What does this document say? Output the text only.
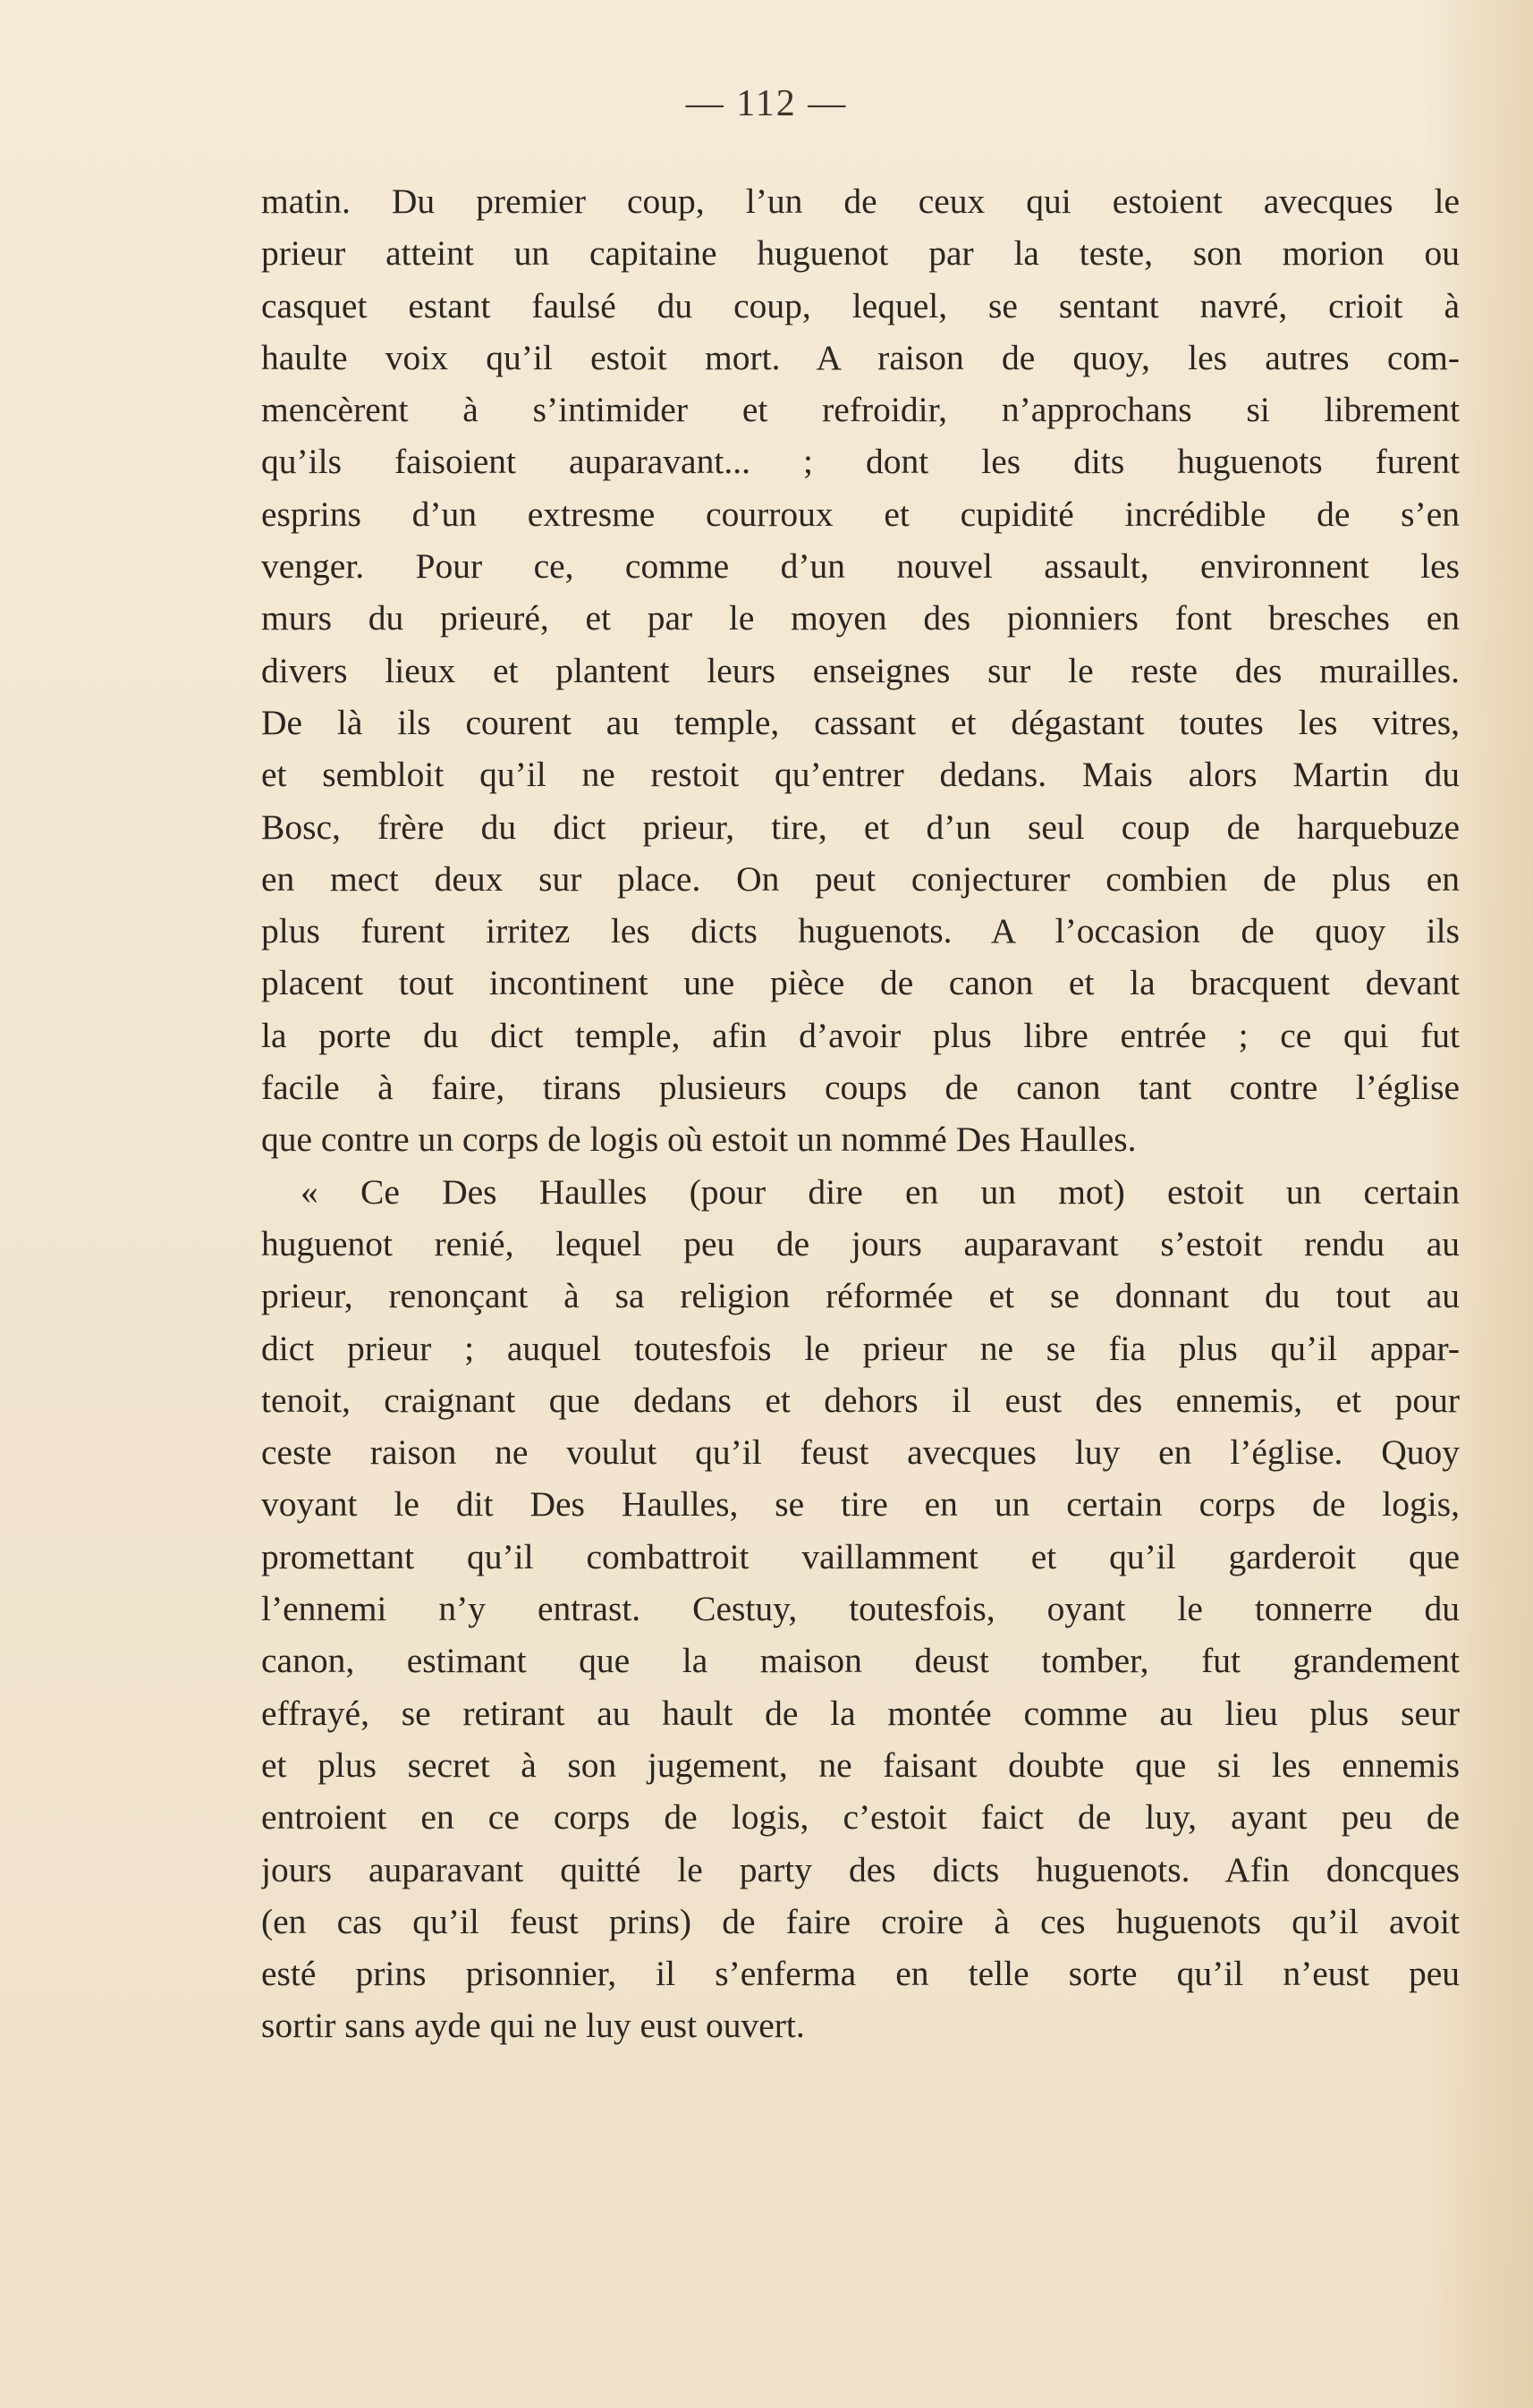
— 112 —
matin. Du premier coup, l’un de ceux qui estoient avecques le
prieur atteint un capitaine huguenot par la teste, son morion ou
casquet estant faulsé du coup, lequel, se sentant navré, crioit à
haulte voix qu’il estoit mort. A raison de quoy, les autres com-
mencèrent à s’intimider et refroidir, n’approchans si librement
qu’ils faisoient auparavant... ; dont les dits huguenots furent
esprins d’un extresme courroux et cupidité incrédible de s’en
venger. Pour ce, comme d’un nouvel assault, environnent les
murs du prieuré, et par le moyen des pionniers font bresches en
divers lieux et plantent leurs enseignes sur le reste des murailles.
De là ils courent au temple, cassant et dégastant toutes les vitres,
et sembloit qu’il ne restoit qu’entrer dedans. Mais alors Martin du
Bosc, frère du dict prieur, tire, et d’un seul coup de harquebuze
en mect deux sur place. On peut conjecturer combien de plus en
plus furent irritez les dicts huguenots. A l’occasion de quoy ils
placent tout incontinent une pièce de canon et la bracquent devant
la porte du dict temple, afin d’avoir plus libre entrée ; ce qui fut
facile à faire, tirans plusieurs coups de canon tant contre l’église
que contre un corps de logis où estoit un nommé Des Haulles.
« Ce Des Haulles (pour dire en un mot) estoit un certain
huguenot renié, lequel peu de jours auparavant s’estoit rendu au
prieur, renonçant à sa religion réformée et se donnant du tout au
dict prieur ; auquel toutesfois le prieur ne se fia plus qu’il appar-
tenoit, craignant que dedans et dehors il eust des ennemis, et pour
ceste raison ne voulut qu’il feust avecques luy en l’église. Quoy
voyant le dit Des Haulles, se tire en un certain corps de logis,
promettant qu’il combattroit vaillamment et qu’il garderoit que
l’ennemi n’y entrast. Cestuy, toutesfois, oyant le tonnerre du
canon, estimant que la maison deust tomber, fut grandement
effrayé, se retirant au hault de la montée comme au lieu plus seur
et plus secret à son jugement, ne faisant doubte que si les ennemis
entroient en ce corps de logis, c’estoit faict de luy, ayant peu de
jours auparavant quitté le party des dicts huguenots. Afin doncques
(en cas qu’il feust prins) de faire croire à ces huguenots qu’il avoit
esté prins prisonnier, il s’enferma en telle sorte qu’il n’eust peu
sortir sans ayde qui ne luy eust ouvert.
